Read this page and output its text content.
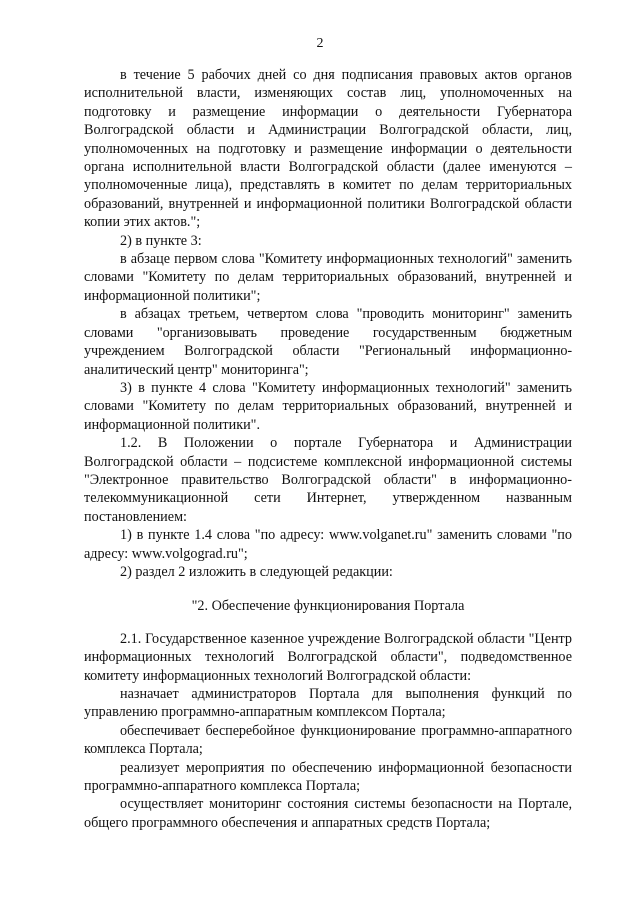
2

в течение 5 рабочих дней со дня подписания правовых актов органов исполнительной власти, изменяющих состав лиц, уполномоченных на подготовку и размещение информации о деятельности Губернатора Волгоградской области и Администрации Волгоградской области, лиц, уполномоченных на подготовку и размещение информации о деятельности органа исполнительной власти Волгоградской области (далее именуются – уполномоченные лица), представлять в комитет по делам территориальных образований, внутренней и информационной политики Волгоградской области копии этих актов.";

2) в пункте 3:

в абзаце первом слова "Комитету информационных технологий" заменить словами "Комитету по делам территориальных образований, внутренней и информационной политики";

в абзацах третьем, четвертом слова "проводить мониторинг" заменить словами "организовывать проведение государственным бюджетным учреждением Волгоградской области "Региональный информационно-аналитический центр" мониторинга";

3) в пункте 4 слова "Комитету информационных технологий" заменить словами "Комитету по делам территориальных образований, внутренней и информационной политики".

1.2. В Положении о портале Губернатора и Администрации Волгоградской области – подсистеме комплексной информационной системы "Электронное правительство Волгоградской области" в информационно-телекоммуникационной сети Интернет, утвержденном названным постановлением:

1) в пункте 1.4 слова "по адресу: www.volganet.ru" заменить словами "по адресу: www.volgograd.ru";

2) раздел 2 изложить в следующей редакции:

"2. Обеспечение функционирования Портала

2.1. Государственное казенное учреждение Волгоградской области "Центр информационных технологий Волгоградской области", подведомственное комитету информационных технологий Волгоградской области:

назначает администраторов Портала для выполнения функций по управлению программно-аппаратным комплексом Портала;

обеспечивает бесперебойное функционирование программно-аппаратного комплекса Портала;

реализует мероприятия по обеспечению информационной безопасности программно-аппаратного комплекса Портала;

осуществляет мониторинг состояния системы безопасности на Портале, общего программного обеспечения и аппаратных средств Портала;
